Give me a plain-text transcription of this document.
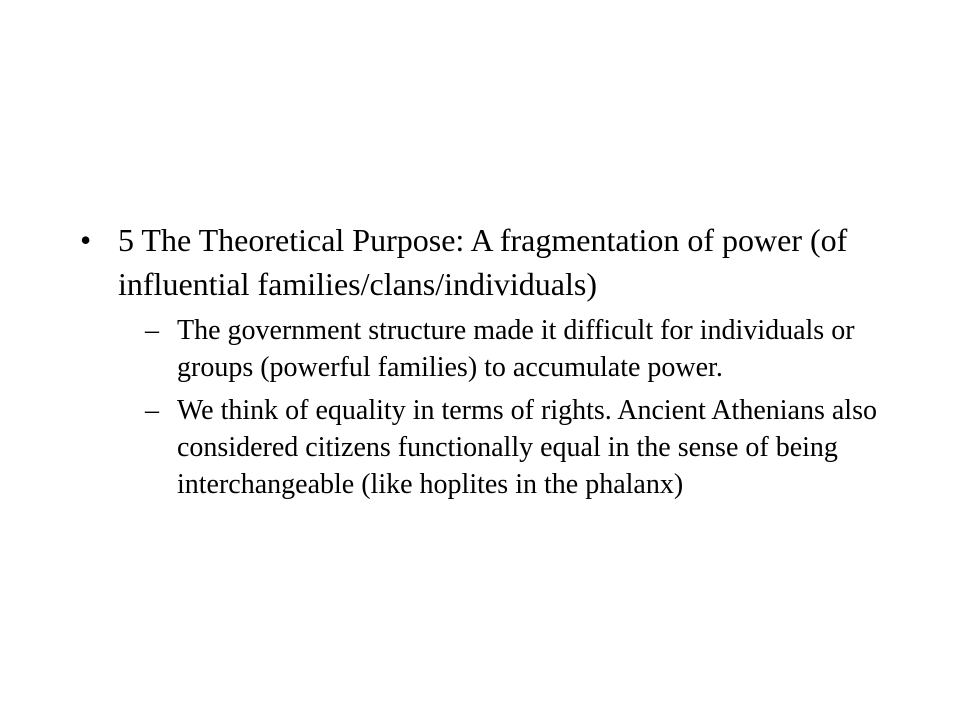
• 5 The Theoretical Purpose: A fragmentation of power (of influential families/clans/individuals)
– The government structure made it difficult for individuals or groups (powerful families) to accumulate power.
– We think of equality in terms of rights. Ancient Athenians also considered citizens functionally equal in the sense of being interchangeable (like hoplites in the phalanx)
